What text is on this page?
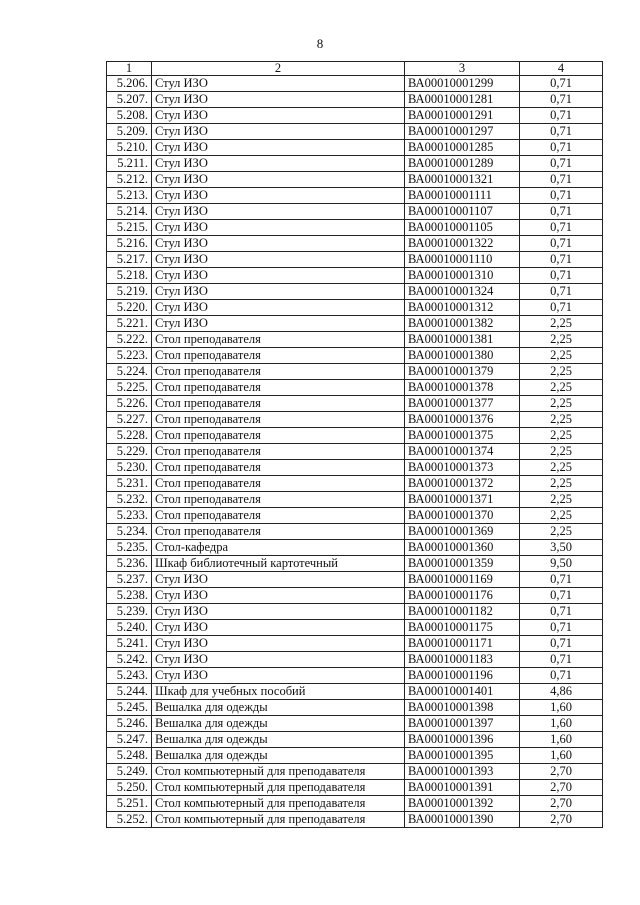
8
1	2	3	4
5.206.	Стул ИЗО	ВА00010001299	0,71
5.207.	Стул ИЗО	ВА00010001281	0,71
5.208.	Стул ИЗО	ВА00010001291	0,71
5.209.	Стул ИЗО	ВА00010001297	0,71
5.210.	Стул ИЗО	ВА00010001285	0,71
5.211.	Стул ИЗО	ВА00010001289	0,71
5.212.	Стул ИЗО	ВА00010001321	0,71
5.213.	Стул ИЗО	ВА00010001111	0,71
5.214.	Стул ИЗО	ВА00010001107	0,71
5.215.	Стул ИЗО	ВА00010001105	0,71
5.216.	Стул ИЗО	ВА00010001322	0,71
5.217.	Стул ИЗО	ВА00010001110	0,71
5.218.	Стул ИЗО	ВА00010001310	0,71
5.219.	Стул ИЗО	ВА00010001324	0,71
5.220.	Стул ИЗО	ВА00010001312	0,71
5.221.	Стул ИЗО	ВА00010001382	2,25
5.222.	Стол преподавателя	ВА00010001381	2,25
5.223.	Стол преподавателя	ВА00010001380	2,25
5.224.	Стол преподавателя	ВА00010001379	2,25
5.225.	Стол преподавателя	ВА00010001378	2,25
5.226.	Стол преподавателя	ВА00010001377	2,25
5.227.	Стол преподавателя	ВА00010001376	2,25
5.228.	Стол преподавателя	ВА00010001375	2,25
5.229.	Стол преподавателя	ВА00010001374	2,25
5.230.	Стол преподавателя	ВА00010001373	2,25
5.231.	Стол преподавателя	ВА00010001372	2,25
5.232.	Стол преподавателя	ВА00010001371	2,25
5.233.	Стол преподавателя	ВА00010001370	2,25
5.234.	Стол преподавателя	ВА00010001369	2,25
5.235.	Стол-кафедра	ВА00010001360	3,50
5.236.	Шкаф библиотечный картотечный	ВА00010001359	9,50
5.237.	Стул ИЗО	ВА00010001169	0,71
5.238.	Стул ИЗО	ВА00010001176	0,71
5.239.	Стул ИЗО	ВА00010001182	0,71
5.240.	Стул ИЗО	ВА00010001175	0,71
5.241.	Стул ИЗО	ВА00010001171	0,71
5.242.	Стул ИЗО	ВА00010001183	0,71
5.243.	Стул ИЗО	ВА00010001196	0,71
5.244.	Шкаф для учебных пособий	ВА00010001401	4,86
5.245.	Вешалка для одежды	ВА00010001398	1,60
5.246.	Вешалка для одежды	ВА00010001397	1,60
5.247.	Вешалка для одежды	ВА00010001396	1,60
5.248.	Вешалка для одежды	ВА00010001395	1,60
5.249.	Стол компьютерный для преподавателя	ВА00010001393	2,70
5.250.	Стол компьютерный для преподавателя	ВА00010001391	2,70
5.251.	Стол компьютерный для преподавателя	ВА00010001392	2,70
5.252.	Стол компьютерный для преподавателя	ВА00010001390	2,70
